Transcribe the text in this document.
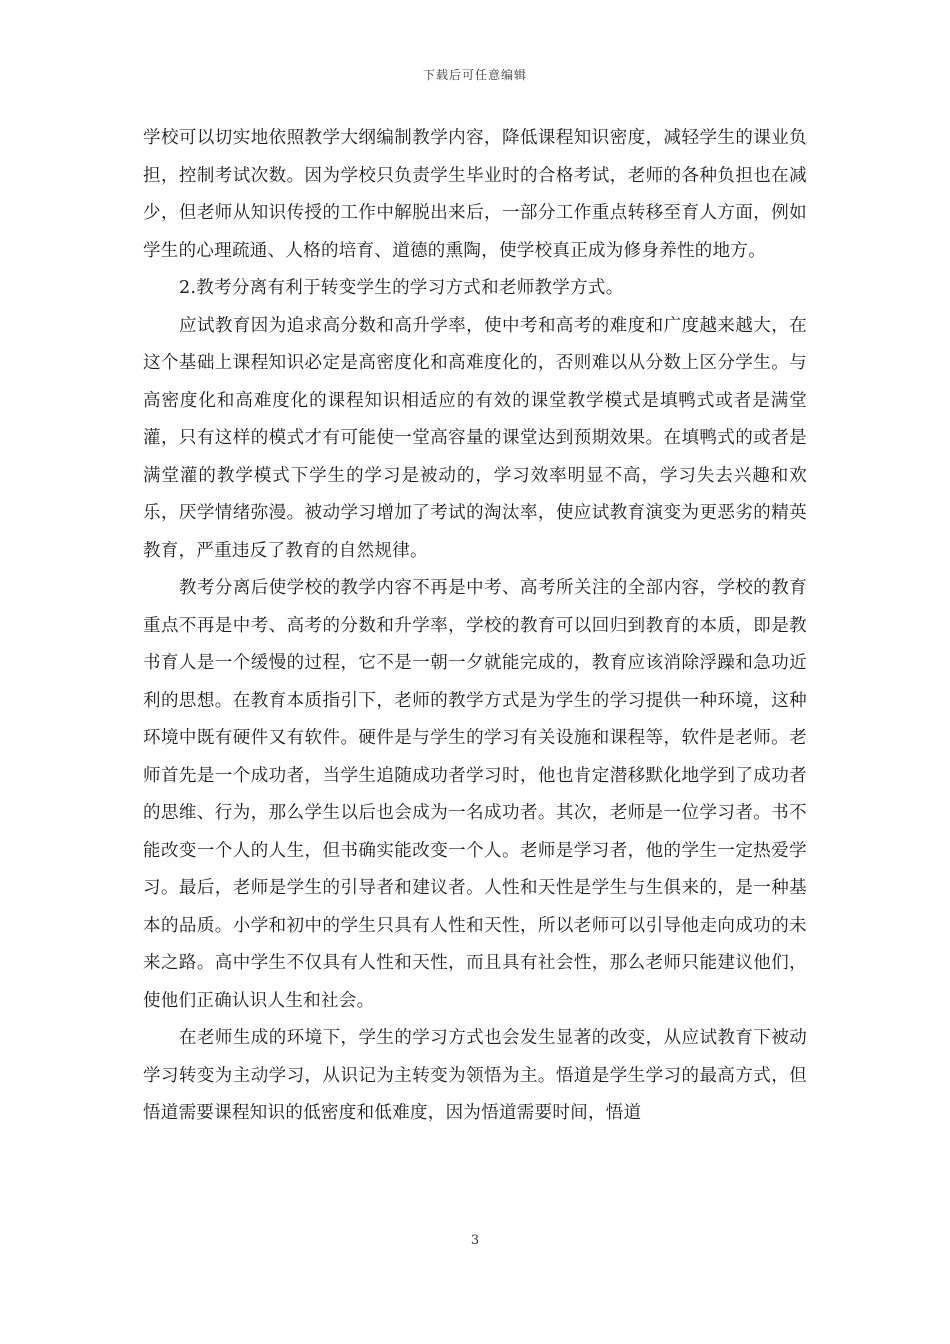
下载后可任意编辑

学校可以切实地依照教学大纲编制教学内容，降低课程知识密度，减轻学生的课业负担，控制考试次数。因为学校只负责学生毕业时的合格考试，老师的各种负担也在减少，但老师从知识传授的工作中解脱出来后，一部分工作重点转移至育人方面，例如学生的心理疏通、人格的培育、道德的熏陶，使学校真正成为修身养性的地方。

2.教考分离有利于转变学生的学习方式和老师教学方式。

应试教育因为追求高分数和高升学率，使中考和高考的难度和广度越来越大，在这个基础上课程知识必定是高密度化和高难度化的，否则难以从分数上区分学生。与高密度化和高难度化的课程知识相适应的有效的课堂教学模式是填鸭式或者是满堂灌，只有这样的模式才有可能使一堂高容量的课堂达到预期效果。在填鸭式的或者是满堂灌的教学模式下学生的学习是被动的，学习效率明显不高，学习失去兴趣和欢乐，厌学情绪弥漫。被动学习增加了考试的淘汰率，使应试教育演变为更恶劣的精英教育，严重违反了教育的自然规律。

教考分离后使学校的教学内容不再是中考、高考所关注的全部内容，学校的教育重点不再是中考、高考的分数和升学率，学校的教育可以回归到教育的本质，即是教书育人是一个缓慢的过程，它不是一朝一夕就能完成的，教育应该消除浮躁和急功近利的思想。在教育本质指引下，老师的教学方式是为学生的学习提供一种环境，这种环境中既有硬件又有软件。硬件是与学生的学习有关设施和课程等，软件是老师。老师首先是一个成功者，当学生追随成功者学习时，他也肯定潜移默化地学到了成功者的思维、行为，那么学生以后也会成为一名成功者。其次，老师是一位学习者。书不能改变一个人的人生，但书确实能改变一个人。老师是学习者，他的学生一定热爱学习。最后，老师是学生的引导者和建议者。人性和天性是学生与生俱来的，是一种基本的品质。小学和初中的学生只具有人性和天性，所以老师可以引导他走向成功的未来之路。高中学生不仅具有人性和天性，而且具有社会性，那么老师只能建议他们，使他们正确认识人生和社会。

在老师生成的环境下，学生的学习方式也会发生显著的改变，从应试教育下被动学习转变为主动学习，从识记为主转变为领悟为主。悟道是学生学习的最高方式，但悟道需要课程知识的低密度和低难度，因为悟道需要时间，悟道

3
